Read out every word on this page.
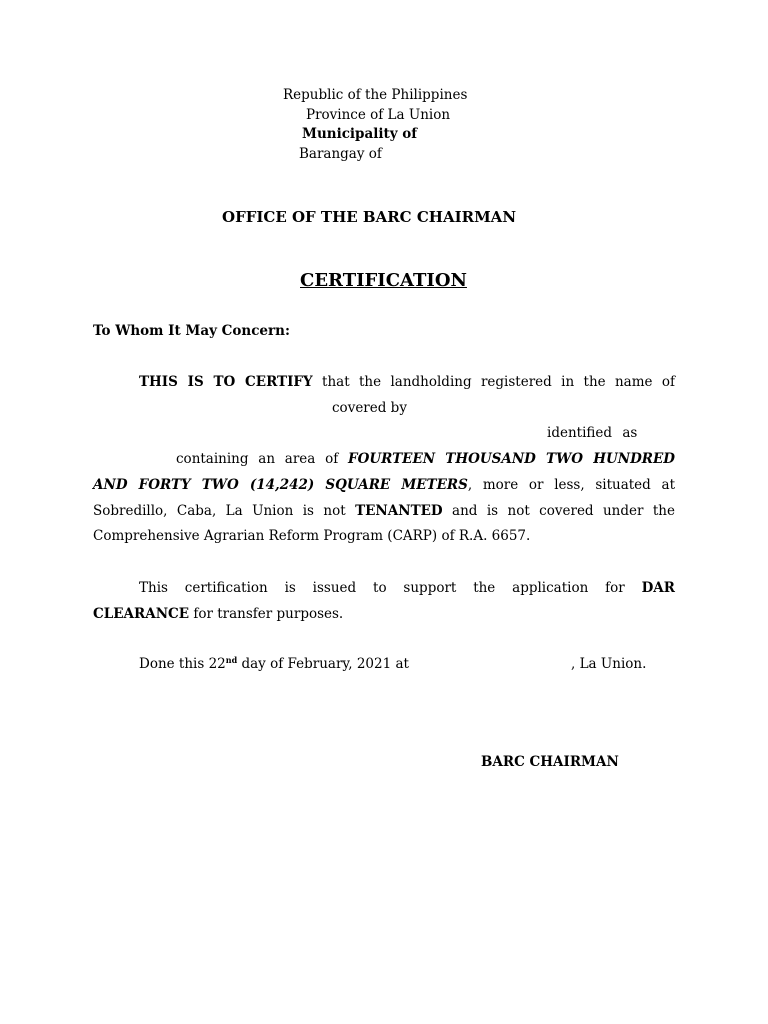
Republic of the Philippines
Province of La Union
Municipality of
Barangay of
OFFICE OF THE BARC CHAIRMAN
CERTIFICATION
To Whom It May Concern:
THIS IS TO CERTIFY that the landholding registered in the name of
covered by
identified as
containing an area of FOURTEEN THOUSAND TWO HUNDRED
AND FORTY TWO (14,242) SQUARE METERS, more or less, situated at
Sobredillo, Caba, La Union is not TENANTED and is not covered under the
Comprehensive Agrarian Reform Program (CARP) of R.A. 6657.
This certification is issued to support the application for DAR
CLEARANCE for transfer purposes.
Done this 22nd day of February, 2021 at	, La Union.
BARC CHAIRMAN
